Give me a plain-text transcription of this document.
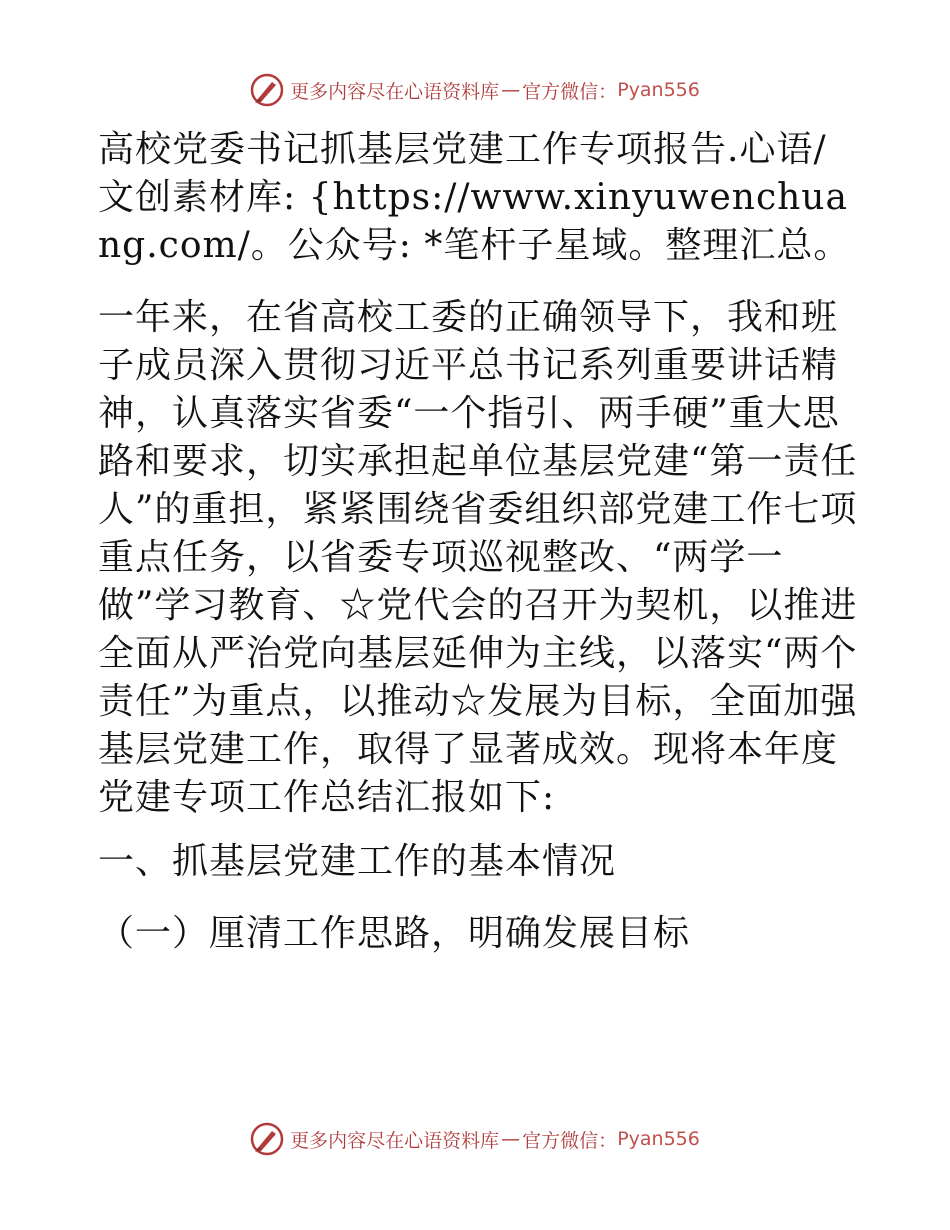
更多内容尽在心语资料库 — 官方微信： Pyan556

高校党委书记抓基层党建工作专项报告.心语/文创素材库: {https://www.xinyuwenchuang.com/。公众号: *笔杆子星域。整理汇总。

一年来，在省高校工委的正确领导下，我和班子成员深入贯彻习近平总书记系列重要讲话精神，认真落实省委“一个指引、两手硬”重大思路和要求，切实承担起单位基层党建“第一责任人”的重担，紧紧围绕省委组织部党建工作七项重点任务，以省委专项巡视整改、“两学一做”学习教育、☆党代会的召开为契机，以推进全面从严治党向基层延伸为主线，以落实“两个责任”为重点，以推动☆发展为目标，全面加强基层党建工作，取得了显著成效。现将本年度党建专项工作总结汇报如下:

一、抓基层党建工作的基本情况

（一）厘清工作思路，明确发展目标

更多内容尽在心语资料库 — 官方微信： Pyan556
